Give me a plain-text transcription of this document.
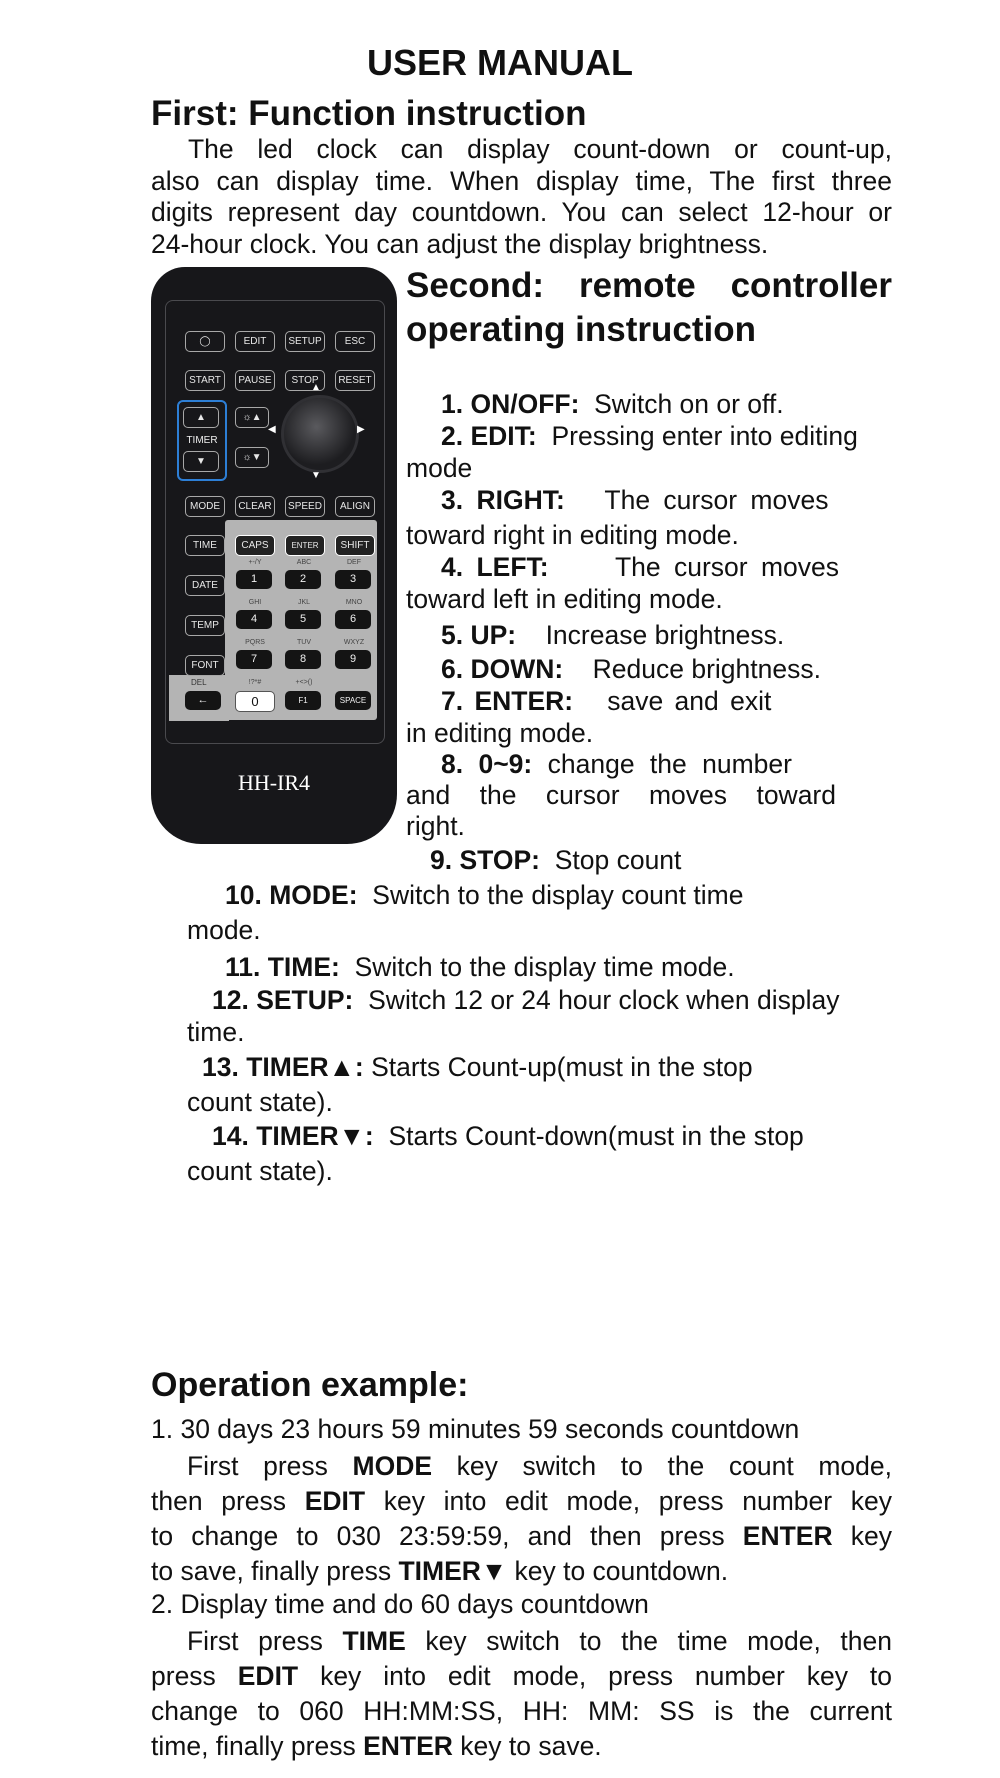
USER MANUAL
First: Function instruction
The led clock can display count-down or count-up,
also can display time. When display time, The first three
digits represent day countdown. You can select 12-hour or
24-hour clock. You can adjust the display brightness.
◯	EDIT	SETUP	ESC
START	PAUSE	STOP	RESET
▲
TIMER
▼
☼▲
☼▼
▲
▼
◀	▶
MODE	CLEAR	SPEED	ALIGN
TIME
DATE
TEMP
FONT
CAPS	ENTER	SHIFT
+-/Y	ABC	DEF
GHI	JKL	MNO
PQRS	TUV	WXYZ
!?*#	+<>()
1	2	3
4	5	6
7	8	9
DEL
←	0	F1	SPACE
HH-IR4
Second: remote controller
operating instruction
1. ON/OFF: Switch on or off.
2. EDIT: Pressing enter into editing
mode
3. RIGHT: The cursor moves
toward right in editing mode.
4. LEFT:	The cursor moves
toward left in editing mode.
5. UP: Increase brightness.
6. DOWN: Reduce brightness.
7. ENTER: save and exit
in editing mode.
8. 0~9: change the number
and the cursor moves toward
right.
9. STOP: Stop count
10. MODE: Switch to the display count time
mode.
11. TIME: Switch to the display time mode.
12. SETUP: Switch 12 or 24 hour clock when display
time.
13. TIMER▲: Starts Count-up(must in the stop
count state).
14. TIMER▼: Starts Count-down(must in the stop
count state).
Operation example:
1. 30 days 23 hours 59 minutes 59 seconds countdown
First press MODE key switch to the count mode,
then press EDIT key into edit mode, press number key
to change to 030 23:59:59, and then press ENTER key
to save, finally press TIMER▼ key to countdown.
2. Display time and do 60 days countdown
First press TIME key switch to the time mode, then
press EDIT key into edit mode, press number key to
change to 060 HH:MM:SS, HH: MM: SS is the current
time, finally press ENTER key to save.
